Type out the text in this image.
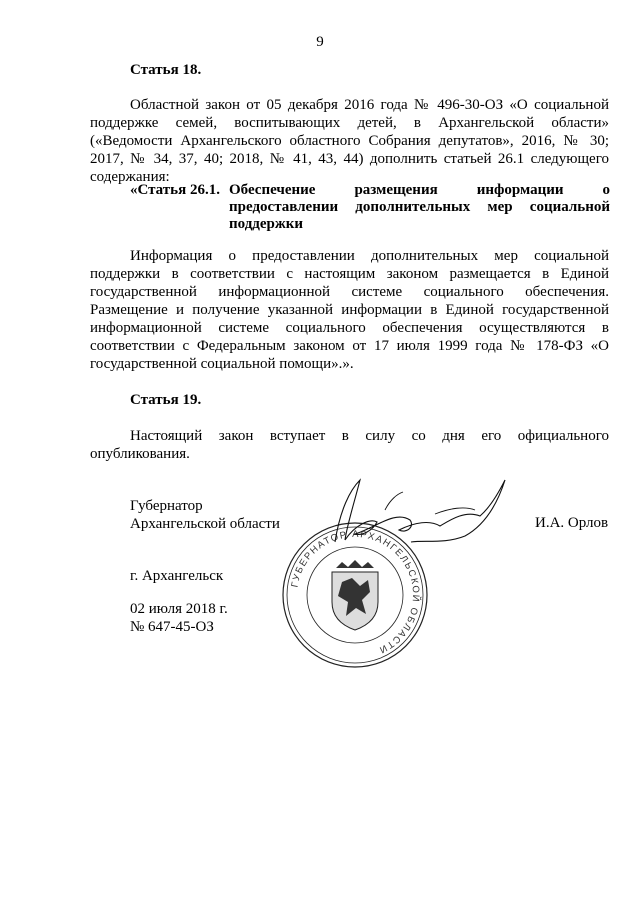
9
Статья 18.

Областной закон от 05 декабря 2016 года № 496-30-ОЗ «О социальной поддержке семей, воспитывающих детей, в Архангельской области» («Ведомости Архангельского областного Собрания депутатов», 2016, № 30; 2017, № 34, 37, 40; 2018, № 41, 43, 44) дополнить статьей 26.1 следующего содержания:

«Статья 26.1. Обеспечение размещения информации о предоставлении дополнительных мер социальной поддержки

Информация о предоставлении дополнительных мер социальной поддержки в соответствии с настоящим законом размещается в Единой государственной информационной системе социального обеспечения. Размещение и получение указанной информации в Единой государственной информационной системе социального обеспечения осуществляются в соответствии с Федеральным законом от 17 июля 1999 года № 178-ФЗ «О государственной социальной помощи».».

Статья 19.

Настоящий закон вступает в силу со дня его официального опубликования.

Губернатор
Архангельской области	И.А. Орлов
ГУБЕРНАТОР АРХАНГЕЛЬСКОЙ ОБЛАСТИ
г. Архангельск
02 июля 2018 г.
№ 647-45-ОЗ
